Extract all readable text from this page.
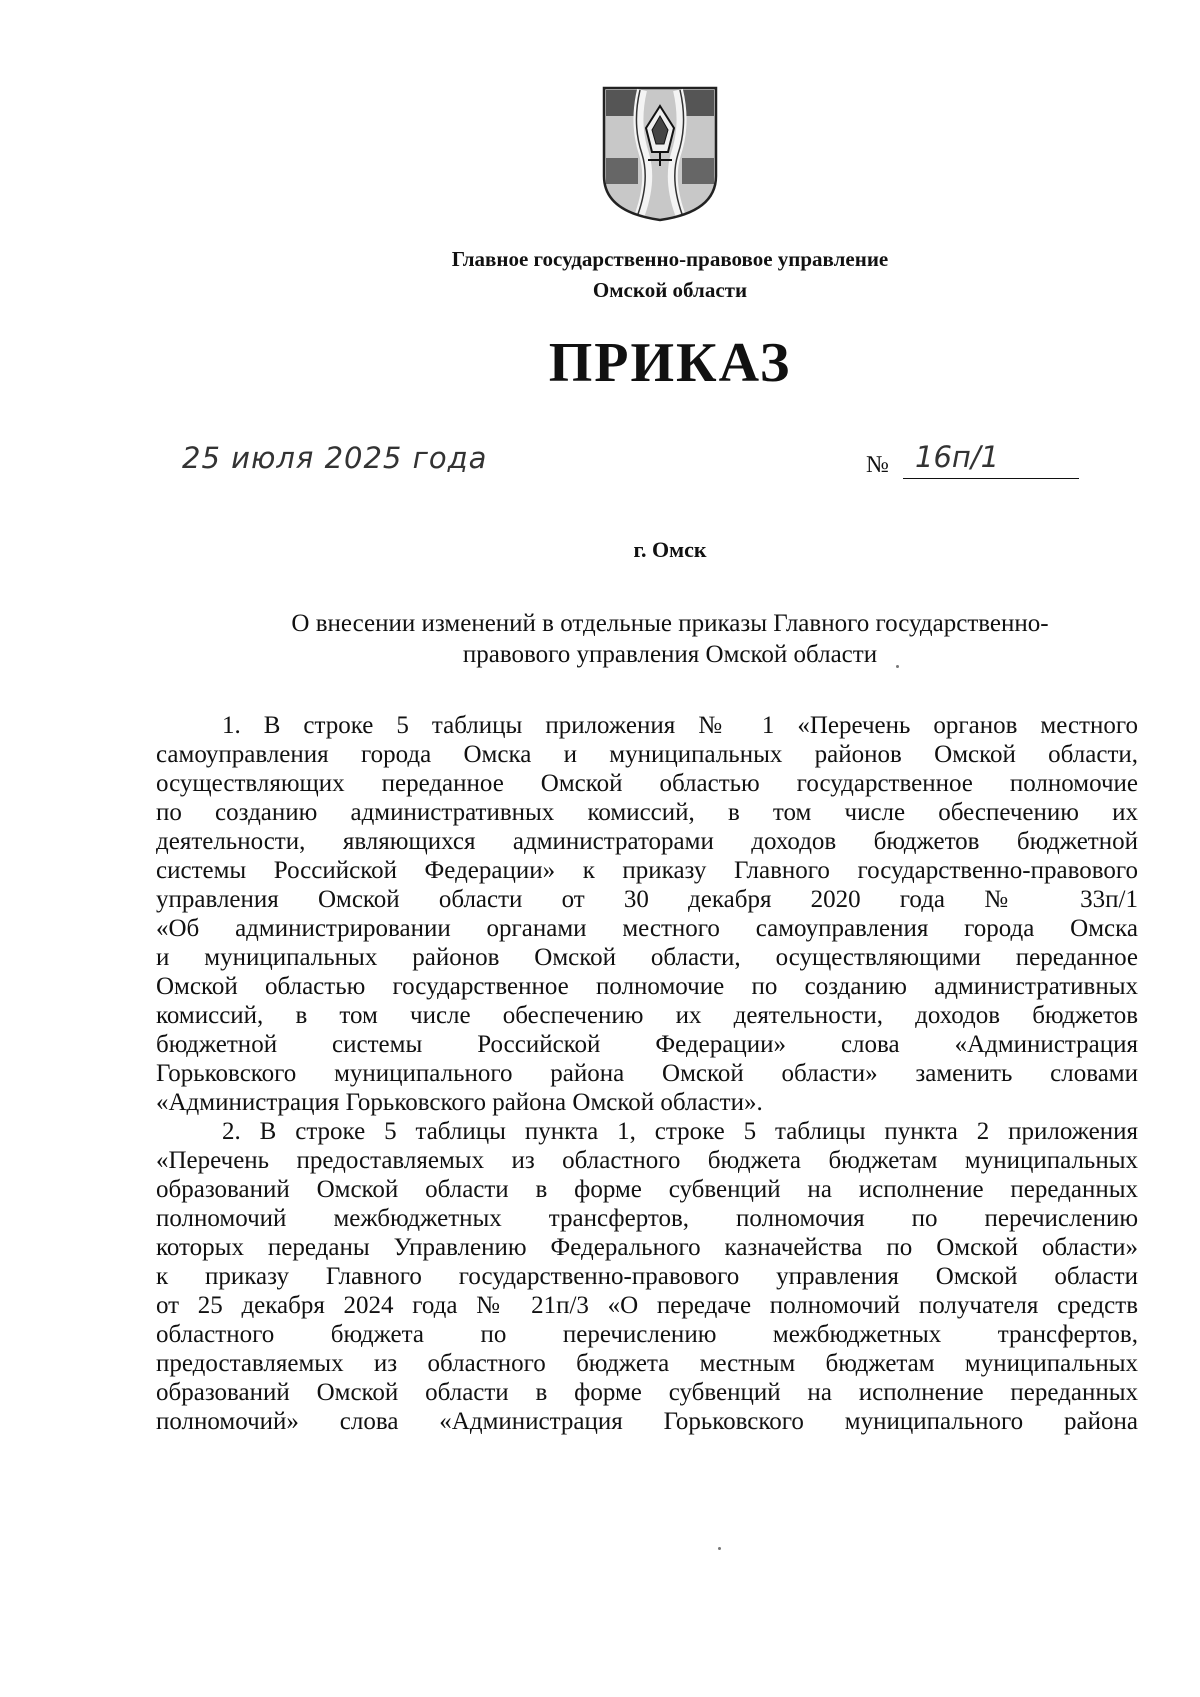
Главное государственно-правовое управление
Омской области
ПРИКАЗ
25 июля 2025 года	№ 16п/1
г. Омск
О внесении изменений в отдельные приказы Главного государственно-
правового управления Омской области
1. В строке 5 таблицы приложения № 1 «Перечень органов местного
самоуправления города Омска и муниципальных районов Омской области,
осуществляющих переданное Омской областью государственное полномочие
по созданию административных комиссий, в том числе обеспечению их
деятельности, являющихся администраторами доходов бюджетов бюджетной
системы Российской Федерации» к приказу Главного государственно-правового
управления Омской области от 30 декабря 2020 года № 33п/1
«Об администрировании органами местного самоуправления города Омска
и муниципальных районов Омской области, осуществляющими переданное
Омской областью государственное полномочие по созданию административных
комиссий, в том числе обеспечению их деятельности, доходов бюджетов
бюджетной системы Российской Федерации» слова «Администрация
Горьковского муниципального района Омской области» заменить словами
«Администрация Горьковского района Омской области».
2. В строке 5 таблицы пункта 1, строке 5 таблицы пункта 2 приложения
«Перечень предоставляемых из областного бюджета бюджетам муниципальных
образований Омской области в форме субвенций на исполнение переданных
полномочий межбюджетных трансфертов, полномочия по перечислению
которых переданы Управлению Федерального казначейства по Омской области»
к приказу Главного государственно-правового управления Омской области
от 25 декабря 2024 года № 21п/3 «О передаче полномочий получателя средств
областного бюджета по перечислению межбюджетных трансфертов,
предоставляемых из областного бюджета местным бюджетам муниципальных
образований Омской области в форме субвенций на исполнение переданных
полномочий» слова «Администрация Горьковского муниципального района
